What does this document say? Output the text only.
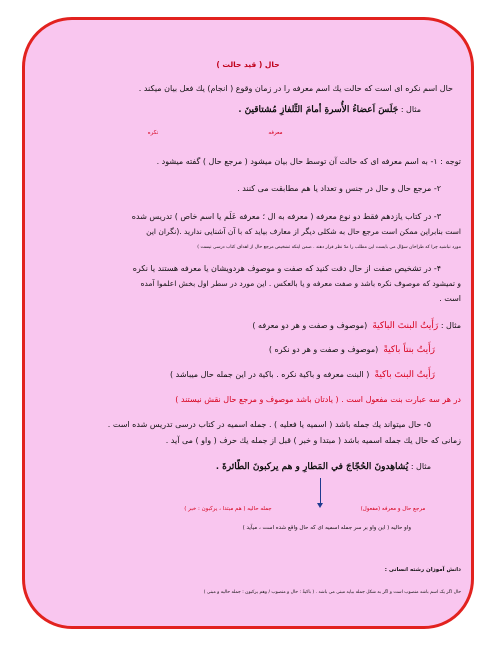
حال ( قید حالت )
حال اسم نکره ای است که حالت یك اسم معرفه را در زمان وقوع ( انجام) یك فعل بیان میکند .
مثال : جَلَسَ اَعضاءُ الأُسرةِ أمامَ التِّلفازِ مُشتاقينَ .
معرفه
نکره
توجه : ۱- به اسم معرفه ای که حالت آن توسط حال بیان میشود ( مرجع حال ) گفته میشود .
۲- مرجع حال و حال در جنس و تعداد یا هم مطابقت می کنند .
۳- در کتاب یازدهم فقط دو نوع معرفه ( معرفه به ال ؛ معرفه عَلَم یا اسم خاص ) تدریس شده
است بنابراین ممکن است مرجع حال به شکلی دیگر از معارف بیاید که با آن آشنایی ندارید .(نگران این
مورد نباشید چرا که طراحان سؤال می بایست این مطلب را مدّ نظر قرار دهند . ضمن اینکه تشخیص مرجع حال از اهداف کتاب درسی نیست )
۴- در تشخیص صفت از حال دقت کنید که صفت و موصوف هردویشان یا معرفه هستند یا نکره
و تمیشود که موصوف نکره باشد و صفت معرفه و یا بالعکس . این مورد در سطر اول بخش اعلموا آمده
است .
مثال : رَأَیتُ البنتَ الباکیةَ  (موصوف و صفت و هر دو معرفه )
رَأَیتُ بنتاً باکیةً  (موصوف و صفت و هر دو نکره )
رَأَیتُ البنتَ باکیةً  ( البنت معرفه و باکیة نکره . باکیة در این جمله حال میباشد )
در هر سه عبارت بنت مفعول است . ( یادتان باشد موصوف و مرجع حال نقش نیستند )
۵- حال میتواند یك جمله باشد ( اسمیه یا فعلیه ) . جمله اسمیه در کتاب درسی تدریس شده است .
زمانی که حال یك جمله اسمیه باشد ( مبتدا و خبر ) قبل از جمله یك حرف ( واو ) می آید .
مثال : يُشاهِدونَ الحُجّاجَ في المَطارِ و هم يركبونَ الطّائرةَ .
مرجع حال و معرفه (مفعول)
جمله حالیه ( هم مبتدا ، یرکبون : خبر )
واو حالیه ( این واو بر سر جمله اسمیه ای که حال واقع شده است ، میآید )
دانش آموزان رشته انسانی :
حال اگر یک اسم باشد منصوب است و اگر به شکل جمله بیاید مبنی می باشد . ( باکیةً : حال و منصوب / وهم یرکبون : جمله حالیه و مبنی )
